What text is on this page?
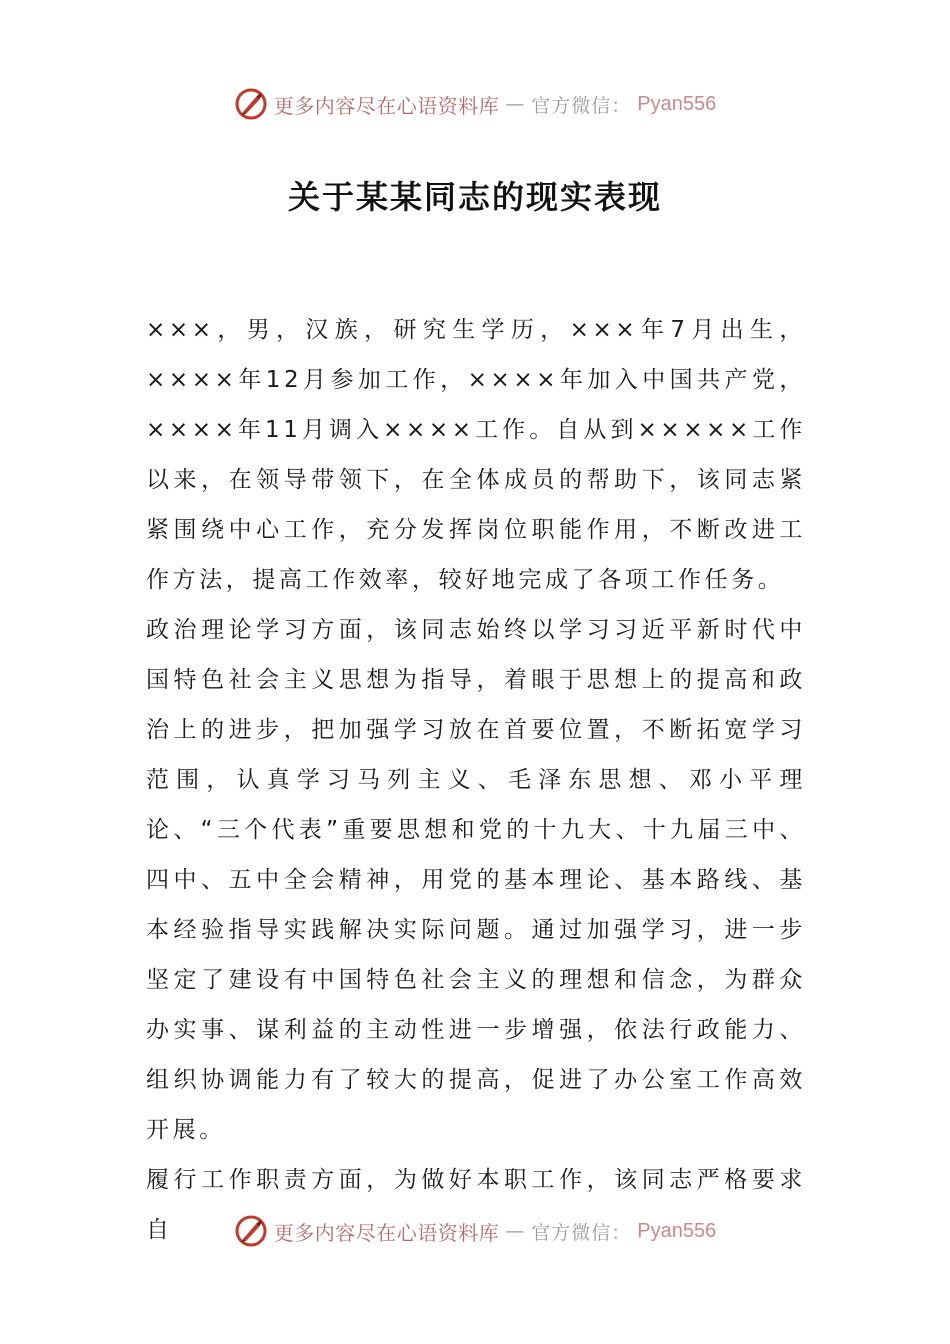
更多内容尽在心语资料库 — 官方微信： Pyan556
关于某某同志的现实表现

×××，男，汉族，研究生学历，×××年7月出生，××××年12月参加工作，××××年加入中国共产党，××××年11月调入××××工作。自从到×××××工作以来，在领导带领下，在全体成员的帮助下，该同志紧紧围绕中心工作，充分发挥岗位职能作用，不断改进工作方法，提高工作效率，较好地完成了各项工作任务。

政治理论学习方面，该同志始终以学习习近平新时代中国特色社会主义思想为指导，着眼于思想上的提高和政治上的进步，把加强学习放在首要位置，不断拓宽学习范围，认真学习马列主义、毛泽东思想、邓小平理论、“三个代表”重要思想和党的十九大、十九届三中、四中、五中全会精神，用党的基本理论、基本路线、基本经验指导实践解决实际问题。通过加强学习，进一步坚定了建设有中国特色社会主义的理想和信念，为群众办实事、谋利益的主动性进一步增强，依法行政能力、组织协调能力有了较大的提高，促进了办公室工作高效开展。

履行工作职责方面，为做好本职工作，该同志严格要求自	更多内容尽在心语资料库 — 官方微信： Pyan556
